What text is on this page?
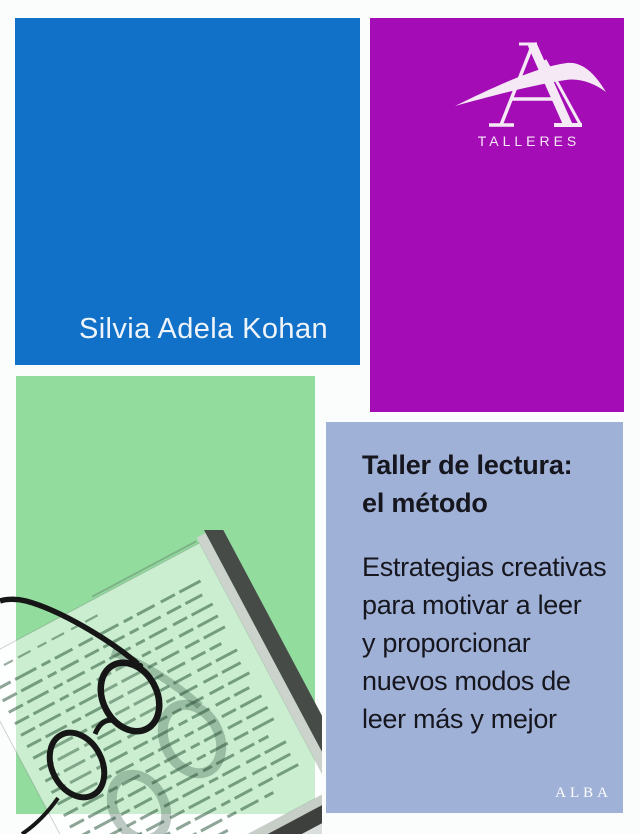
Silvia Adela Kohan
TALLERES
Taller de lectura:
el método
Estrategias creativas
para motivar a leer
y proporcionar
nuevos modos de
leer más y mejor
ALBA
